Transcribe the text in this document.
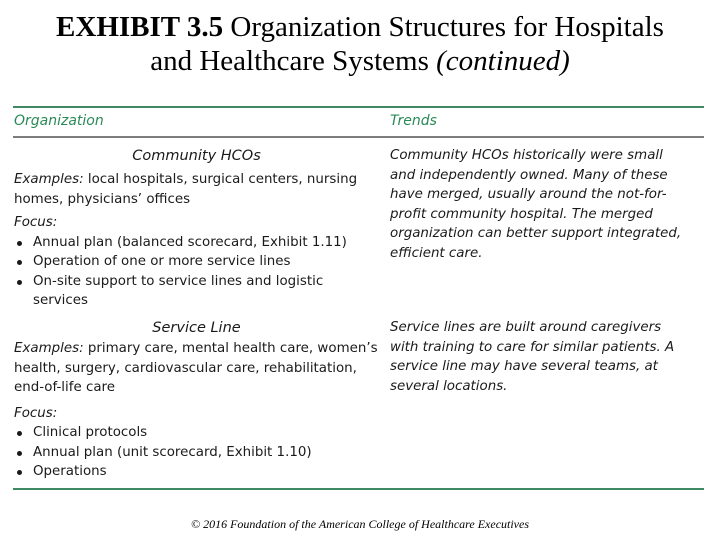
EXHIBIT 3.5 Organization Structures for Hospitals
and Healthcare Systems (continued)
Organization	Trends
Community HCOs
Examples: local hospitals, surgical centers, nursing homes, physicians’ offices
Focus:
Annual plan (balanced scorecard, Exhibit 1.11)
Operation of one or more service lines
On-site support to service lines and logistic services
Community HCOs historically were small and independently owned. Many of these have merged, usually around the not-for-profit community hospital. The merged organization can better support integrated, efficient care.
Service Line
Examples: primary care, mental health care, women’s health, surgery, cardiovascular care, rehabilitation, end-of-life care
Focus:
Clinical protocols
Annual plan (unit scorecard, Exhibit 1.10)
Operations
Service lines are built around caregivers with training to care for similar patients. A service line may have several teams, at several locations.
© 2016 Foundation of the American College of Healthcare Executives
